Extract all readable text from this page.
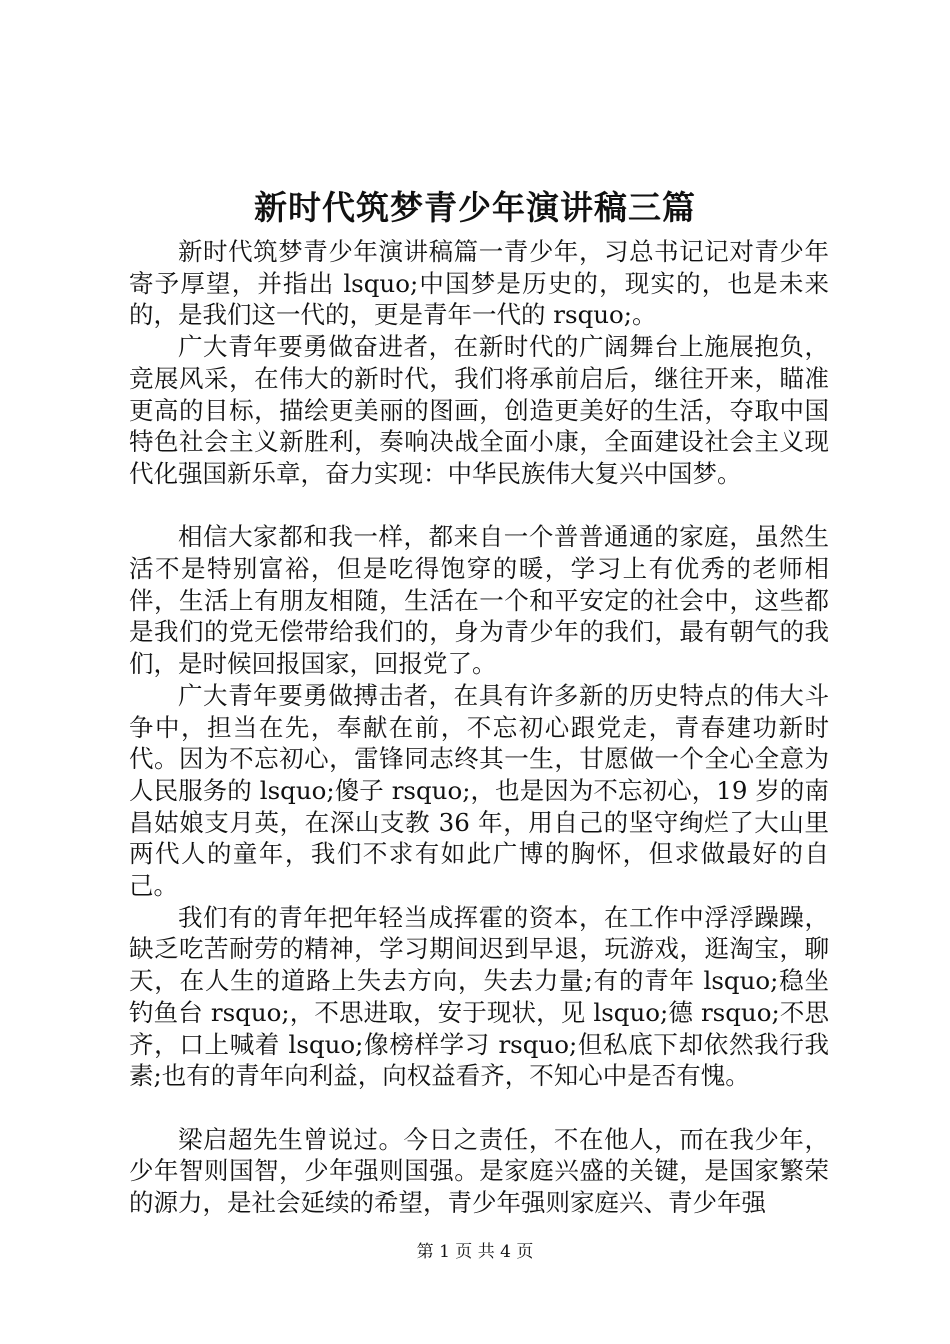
新时代筑梦青少年演讲稿三篇

新时代筑梦青少年演讲稿篇一青少年，习总书记记对青少年寄予厚望，并指出 lsquo;中国梦是历史的，现实的，也是未来的，是我们这一代的，更是青年一代的 rsquo;。

广大青年要勇做奋进者，在新时代的广阔舞台上施展抱负，竞展风采，在伟大的新时代，我们将承前启后，继往开来，瞄准更高的目标，描绘更美丽的图画，创造更美好的生活，夺取中国特色社会主义新胜利，奏响决战全面小康，全面建设社会主义现代化强国新乐章，奋力实现：中华民族伟大复兴中国梦。

相信大家都和我一样，都来自一个普普通通的家庭，虽然生活不是特别富裕，但是吃得饱穿的暖，学习上有优秀的老师相伴，生活上有朋友相随，生活在一个和平安定的社会中，这些都是我们的党无偿带给我们的，身为青少年的我们，最有朝气的我们，是时候回报国家，回报党了。

广大青年要勇做搏击者，在具有许多新的历史特点的伟大斗争中，担当在先，奉献在前，不忘初心跟党走，青春建功新时代。因为不忘初心，雷锋同志终其一生，甘愿做一个全心全意为人民服务的 lsquo;傻子 rsquo;，也是因为不忘初心，19 岁的南昌姑娘支月英，在深山支教 36 年，用自己的坚守绚烂了大山里两代人的童年，我们不求有如此广博的胸怀，但求做最好的自己。

我们有的青年把年轻当成挥霍的资本，在工作中浮浮躁躁，缺乏吃苦耐劳的精神，学习期间迟到早退，玩游戏，逛淘宝，聊天，在人生的道路上失去方向，失去力量;有的青年 lsquo;稳坐钓鱼台 rsquo;，不思进取，安于现状，见 lsquo;德 rsquo;不思齐，口上喊着 lsquo;像榜样学习 rsquo;但私底下却依然我行我素;也有的青年向利益，向权益看齐，不知心中是否有愧。

梁启超先生曾说过。今日之责任，不在他人，而在我少年，少年智则国智，少年强则国强。是家庭兴盛的关键，是国家繁荣的源力，是社会延续的希望，青少年强则家庭兴、青少年强

第 1 页 共 4 页
